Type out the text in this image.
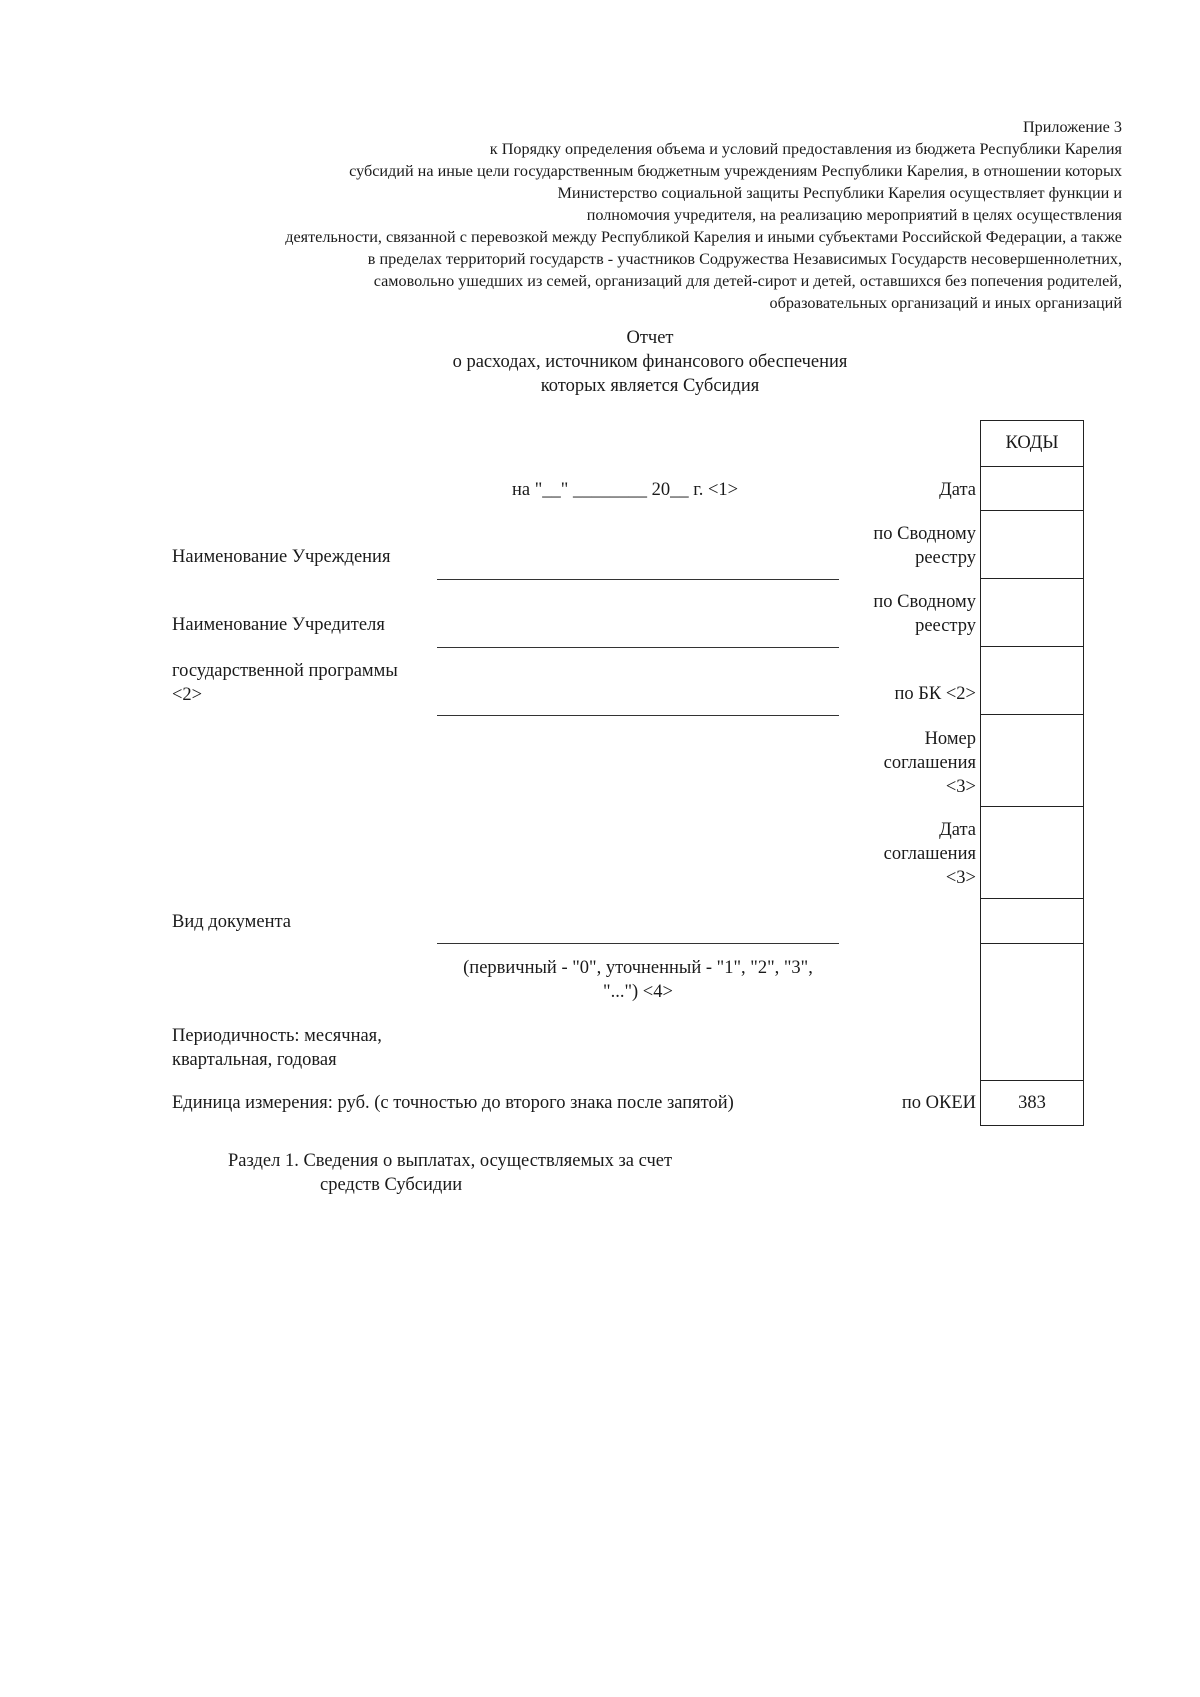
Приложение 3
к Порядку определения объема и условий предоставления из бюджета Республики Карелия
субсидий на иные цели государственным бюджетным учреждениям Республики Карелия, в отношении которых
Министерство социальной защиты Республики Карелия осуществляет функции и
полномочия учредителя, на реализацию мероприятий в целях осуществления
деятельности, связанной с перевозкой между Республикой Карелия и иными субъектами Российской Федерации, а также
в пределах территорий государств - участников Содружества Независимых Государств несовершеннолетних,
самовольно ушедших из семей, организаций для детей-сирот и детей, оставшихся без попечения родителей,
образовательных организаций и иных организаций
Отчет
о расходах, источником финансового обеспечения
которых является Субсидия
на "__" ________ 20__ г. <1>
Наименование Учреждения
Наименование Учредителя
государственной программы
<2>
Вид документа
(первичный - "0", уточненный - "1", "2", "3",
"...") <4>
Периодичность: месячная,
квартальная, годовая
Единица измерения: руб. (с точностью до второго знака после запятой)
Дата
по Сводному
реестру
по Сводному
реестру
по БК <2>
Номер
соглашения
<3>
Дата
соглашения
<3>
по ОКЕИ
КОДЫ
383
Раздел 1. Сведения о выплатах, осуществляемых за счет
средств Субсидии
